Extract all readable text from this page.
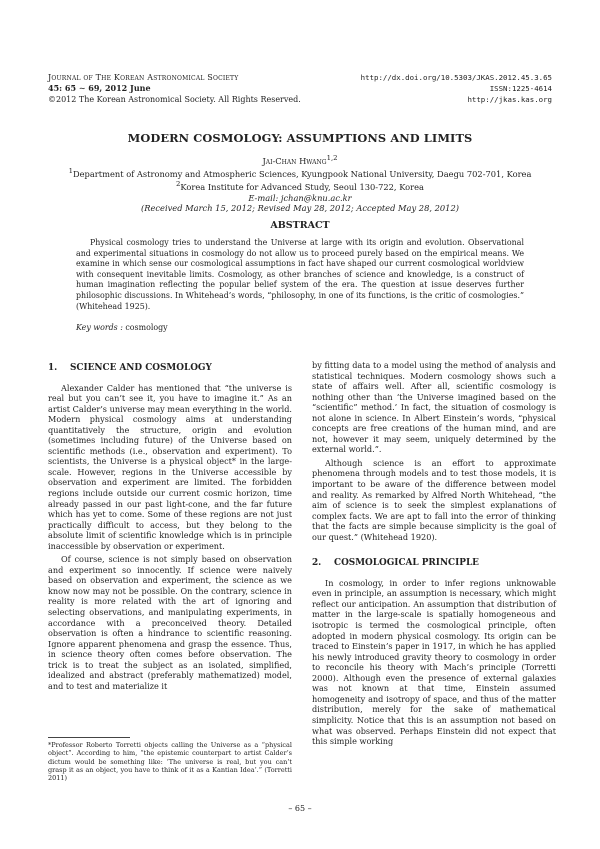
Journal of The Korean Astronomical Society
45: 65 ∼ 69, 2012 June
©2012 The Korean Astronomical Society. All Rights Reserved.
http://dx.doi.org/10.5303/JKAS.2012.45.3.65
ISSN:1225-4614
http://jkas.kas.org
MODERN COSMOLOGY: ASSUMPTIONS AND LIMITS
Jai-Chan Hwang$^{1,2}$
$^1$Department of Astronomy and Atmospheric Sciences, Kyungpook National University, Daegu 702-701, Korea
$^2$Korea Institute for Advanced Study, Seoul 130-722, Korea
E-mail: jchan@knu.ac.kr
(Received March 15, 2012; Revised May 28, 2012; Accepted May 28, 2012)
ABSTRACT

Physical cosmology tries to understand the Universe at large with its origin and evolution. Observational and experimental situations in cosmology do not allow us to proceed purely based on the empirical means. We examine in which sense our cosmological assumptions in fact have shaped our current cosmological worldview with consequent inevitable limits. Cosmology, as other branches of science and knowledge, is a construct of human imagination reflecting the popular belief system of the era. The question at issue deserves further philosophic discussions. In Whitehead’s words, “philosophy, in one of its functions, is the critic of cosmologies.” (Whitehead 1925).

Key words : cosmology
1. SCIENCE AND COSMOLOGY

Alexander Calder has mentioned that “the universe is real but you can’t see it, you have to imagine it.” As an artist Calder’s universe may mean everything in the world. Modern physical cosmology aims at understanding quantitatively the structure, origin and evolution (sometimes including future) of the Universe based on scientific methods (i.e., observation and experiment). To scientists, the Universe is a physical object* in the large-scale. However, regions in the Universe accessible by observation and experiment are limited. The forbidden regions include outside our current cosmic horizon, time already passed in our past light-cone, and the far future which has yet to come. Some of these regions are not just practically difficult to access, but they belong to the absolute limit of scientific knowledge which is in principle inaccessible by observation or experiment.

Of course, science is not simply based on observation and experiment so innocently. If science were naively based on observation and experiment, the science as we know now may not be possible. On the contrary, science in reality is more related with the art of ignoring and selecting observations, and manipulating experiments, in accordance with a preconceived theory. Detailed observation is often a hindrance to scientific reasoning. Ignore apparent phenomena and grasp the essence. Thus, in science theory often comes before observation. The trick is to treat the subject as an isolated, simplified, idealized and abstract (preferably mathematized) model, and to test and materialize it

by fitting data to a model using the method of analysis and statistical techniques. Modern cosmology shows such a state of affairs well. After all, scientific cosmology is nothing other than ‘the Universe imagined based on the “scientific” method.’ In fact, the situation of cosmology is not alone in science. In Albert Einstein’s words, “physical concepts are free creations of the human mind, and are not, however it may seem, uniquely determined by the external world.”.

Although science is an effort to approximate phenomena through models and to test those models, it is important to be aware of the difference between model and reality. As remarked by Alfred North Whitehead, “the aim of science is to seek the simplest explanations of complex facts. We are apt to fall into the error of thinking that the facts are simple because simplicity is the goal of our quest.” (Whitehead 1920).

2. COSMOLOGICAL PRINCIPLE

In cosmology, in order to infer regions unknowable even in principle, an assumption is necessary, which might reflect our anticipation. An assumption that distribution of matter in the large-scale is spatially homogeneous and isotropic is termed the cosmological principle, often adopted in modern physical cosmology. Its origin can be traced to Einstein’s paper in 1917, in which he has applied his newly introduced gravity theory to cosmology in order to reconcile his theory with Mach’s principle (Torretti 2000). Although even the presence of external galaxies was not known at that time, Einstein assumed homogeneity and isotropy of space, and thus of the matter distribution, merely for the sake of mathematical simplicity. Notice that this is an assumption not based on what was observed. Perhaps Einstein did not expect that this simple working

*Professor Roberto Torretti objects calling the Universe as a “physical object”. According to him, “the epistemic counterpart to artist Calder’s dictum would be something like: ‘The universe is real, but you can’t grasp it as an object, you have to think of it as a Kantian Idea’.” (Torretti 2011)

– 65 –
